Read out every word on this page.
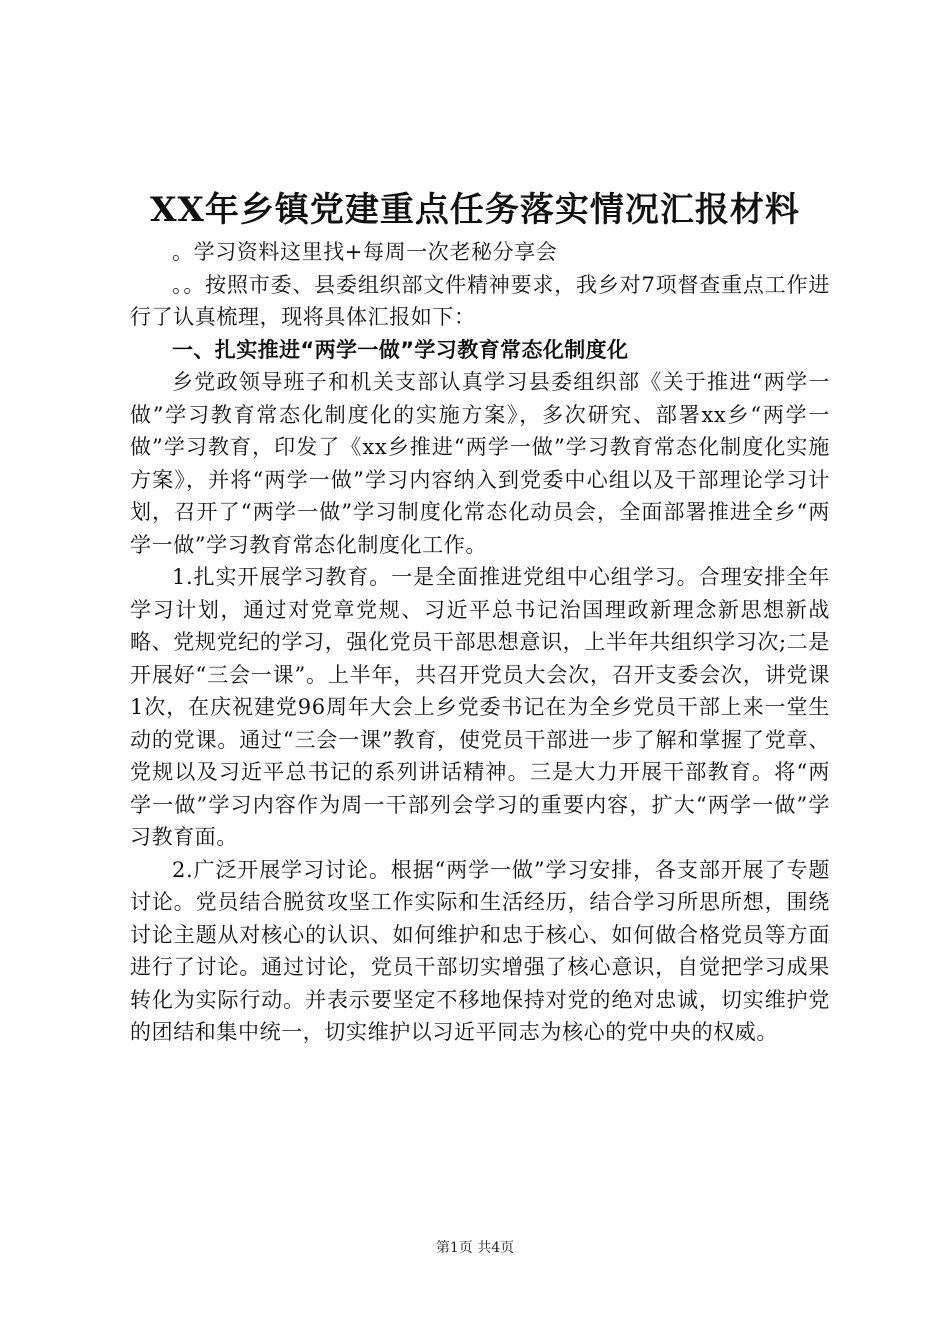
XX年乡镇党建重点任务落实情况汇报材料

。学习资料这里找+每周一次老秘分享会

。。按照市委、县委组织部文件精神要求，我乡对7项督查重点工作进行了认真梳理，现将具体汇报如下：

一、扎实推进“两学一做”学习教育常态化制度化

乡党政领导班子和机关支部认真学习县委组织部《关于推进“两学一做”学习教育常态化制度化的实施方案》，多次研究、部署xx乡“两学一做”学习教育，印发了《xx乡推进“两学一做”学习教育常态化制度化实施方案》，并将“两学一做”学习内容纳入到党委中心组以及干部理论学习计划，召开了“两学一做”学习制度化常态化动员会，全面部署推进全乡“两学一做”学习教育常态化制度化工作。

1.扎实开展学习教育。一是全面推进党组中心组学习。合理安排全年学习计划，通过对党章党规、习近平总书记治国理政新理念新思想新战略、党规党纪的学习，强化党员干部思想意识，上半年共组织学习次;二是开展好“三会一课”。上半年，共召开党员大会次，召开支委会次，讲党课1次，在庆祝建党96周年大会上乡党委书记在为全乡党员干部上来一堂生动的党课。通过“三会一课”教育，使党员干部进一步了解和掌握了党章、党规以及习近平总书记的系列讲话精神。三是大力开展干部教育。将“两学一做”学习内容作为周一干部列会学习的重要内容，扩大“两学一做”学习教育面。

2.广泛开展学习讨论。根据“两学一做”学习安排，各支部开展了专题讨论。党员结合脱贫攻坚工作实际和生活经历，结合学习所思所想，围绕讨论主题从对核心的认识、如何维护和忠于核心、如何做合格党员等方面进行了讨论。通过讨论，党员干部切实增强了核心意识，自觉把学习成果转化为实际行动。并表示要坚定不移地保持对党的绝对忠诚，切实维护党的团结和集中统一，切实维护以习近平同志为核心的党中央的权威。

第1页 共4页
